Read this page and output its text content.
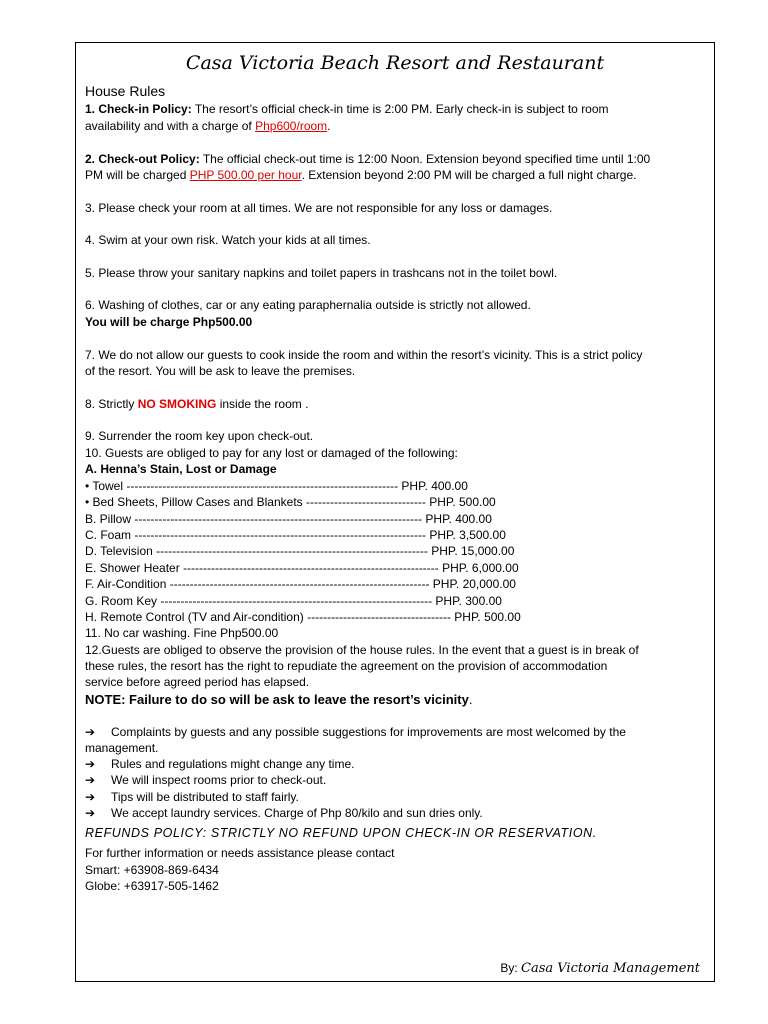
Casa Victoria Beach Resort and Restaurant
House Rules
1. Check-in Policy: The resort’s official check-in time is 2:00 PM. Early check-in is subject to room
availability and with a charge of Php600/room.
2. Check-out Policy: The official check-out time is 12:00 Noon. Extension beyond specified time until 1:00
PM will be charged PHP 500.00 per hour. Extension beyond 2:00 PM will be charged a full night charge.
3. Please check your room at all times. We are not responsible for any loss or damages.
4. Swim at your own risk. Watch your kids at all times.
5. Please throw your sanitary napkins and toilet papers in trashcans not in the toilet bowl.
6. Washing of clothes, car or any eating paraphernalia outside is strictly not allowed.
You will be charge Php500.00
7. We do not allow our guests to cook inside the room and within the resort’s vicinity. This is a strict policy
of the resort. You will be ask to leave the premises.
8. Strictly NO SMOKING inside the room .
9. Surrender the room key upon check-out.
10. Guests are obliged to pay for any lost or damaged of the following:
A. Henna’s Stain, Lost or Damage
• Towel -------------------------------------------------------------------- PHP. 400.00
• Bed Sheets, Pillow Cases and Blankets ------------------------------ PHP. 500.00
B. Pillow ------------------------------------------------------------------------ PHP. 400.00
C. Foam ------------------------------------------------------------------------- PHP. 3,500.00
D. Television -------------------------------------------------------------------- PHP. 15,000.00
E. Shower Heater ---------------------------------------------------------------- PHP. 6,000.00
F. Air-Condition ----------------------------------------------------------------- PHP. 20,000.00
G. Room Key -------------------------------------------------------------------- PHP. 300.00
H. Remote Control (TV and Air-condition) ------------------------------------ PHP. 500.00
11. No car washing. Fine Php500.00
12.Guests are obliged to observe the provision of the house rules. In the event that a guest is in break of
these rules, the resort has the right to repudiate the agreement on the provision of accommodation
service before agreed period has elapsed.
NOTE: Failure to do so will be ask to leave the resort’s vicinity.
➔ Complaints by guests and any possible suggestions for improvements are most welcomed by the
management.
➔ Rules and regulations might change any time.
➔ We will inspect rooms prior to check-out.
➔ Tips will be distributed to staff fairly.
➔ We accept laundry services. Charge of Php 80/kilo and sun dries only.
REFUNDS POLICY: STRICTLY NO REFUND UPON CHECK-IN OR RESERVATION.
For further information or needs assistance please contact
Smart: +63908-869-6434
Globe: +63917-505-1462
By: Casa Victoria Management
